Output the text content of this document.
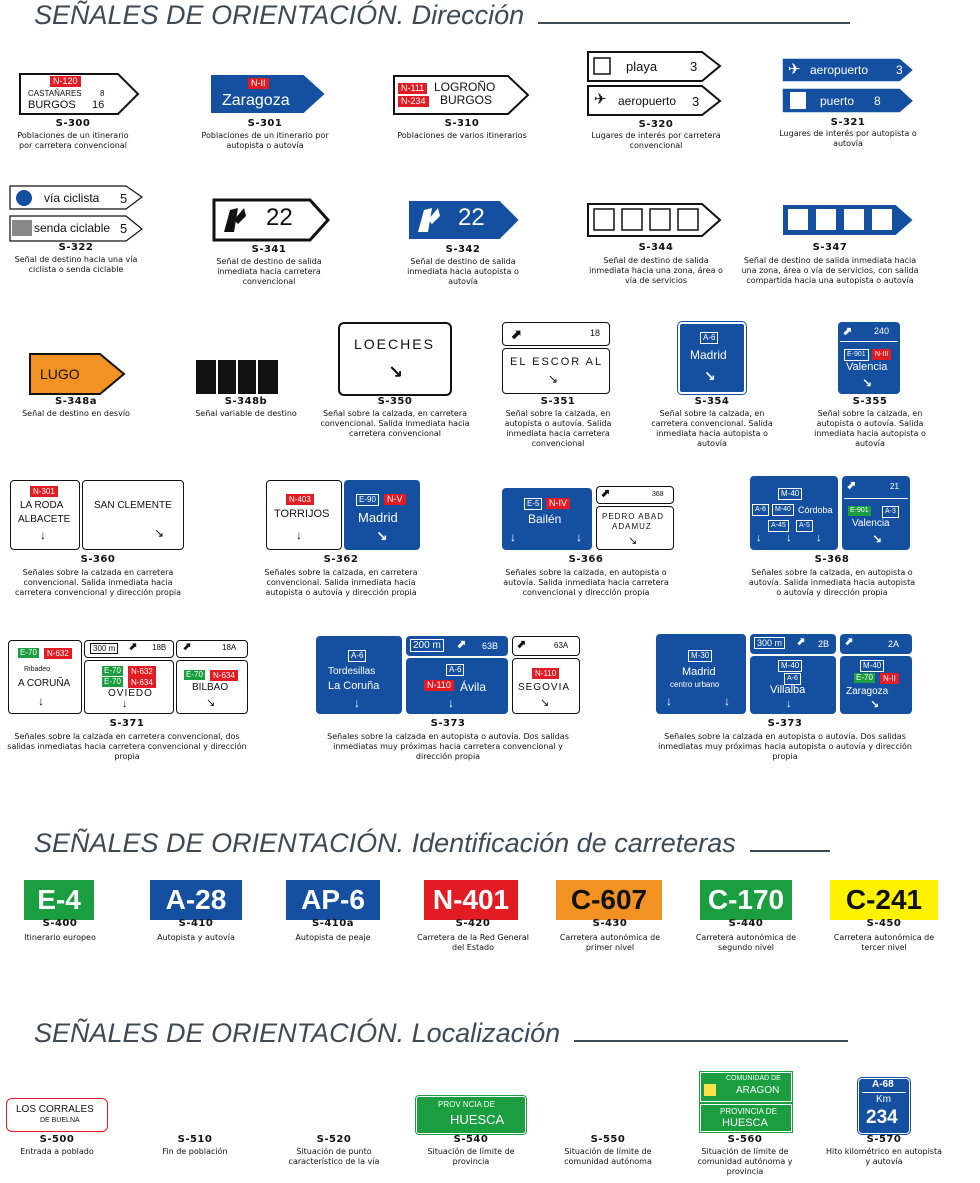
SEÑALES DE ORIENTACIÓN. Dirección
SEÑALES DE ORIENTACIÓN. Identificación de carreteras
SEÑALES DE ORIENTACIÓN. Localización
N-120
CASTAÑARES 8
BURGOS 16
S-300
Poblaciones de un itinerario por carretera convencional
N-II
Zaragoza
S-301
Poblaciones de un itinerario por autopista o autovía
N-111
N-234
LOGROÑO
BURGOS
S-310
Poblaciones de varios itinerarios
playa	3
✈ aeropuerto 3
S-320
Lugares de interés por carretera convencional
✈ aeropuerto 3
puerto 8
S-321
Lugares de interés por autopista o autovía
vía ciclista 5
senda ciclable 5
S-322
Señal de destino hacia una vía ciclista o senda ciclable
22
S-341
Señal de destino de salida inmediata hacia carretera convencional
22
S-342
Señal de destino de salida inmediata hacia autopista o autovía
S-344
Señal de destino de salida inmediata hacia una zona, área o vía de servicios
S-347
Señal de destino de salida inmediata hacia una zona, área o vía de servicios, con salida compartida hacia una autopista o autovía
LUGO
S-348a
Señal de destino en desvío
S-348b
Señal variable de destino
LOECHES
↘
S-350
Señal sobre la calzada, en carretera convencional. Salida inmediata hacia carretera convencional
⬈	18
EL ESCOR AL
↘
S-351
Señal sobre la calzada, en autopista o autovía. Salida inmediata hacia carretera convencional
A-6
Madrid
↘
S-354
Señal sobre la calzada, en carretera convencional. Salida inmediata hacia autopista o autovía
⬈ 240
E-901	N-III
Valencia
↘
S-355
Señal sobre la calzada, en autopista o autovía. Salida inmediata hacia autopista o autovía
N-301
LA RODA
ALBACETE
↓
SAN CLEMENTE
↘
S-360
Señales sobre la calzada en carretera convencional. Salida inmediata hacia carretera convencional y dirección propia
N-403
TORRIJOS
↓
E-90	N-V
Madrid
↘
S-362
Señales sobre la calzada, en carretera convencional. Salida inmediata hacia autopista o autovía y dirección propia
E-5	N-IV
Bailén
↓	↓
⬈	368
PEDRO ABAD
ADAMUZ
↘
S-366
Señales sobre la calzada, en autopista o autovía. Salida inmediata hacia carretera convencional y dirección propia
M-40
A-6	M-40 Córdoba
A-45	A-5
↓ ↓ ↓
⬈	21
E-901	A-3
Valencia
↘
S-368
Señales sobre la calzada, en autopista o autovía. Salida inmediata hacia autopista o autovía y dirección propia
E-70	N-632
Ribadeo
A CORUÑA
↓
300 m ⬈ 18B
E-70	N-632
E-70	N-634
OVIEDO
↓
⬈	18A
E-70	N-634
BILBAO
↘
S-371
Señales sobre la calzada en carretera convencional, dos salidas inmediatas hacia carretera convencional y dirección propia
A-6
Tordesillas
La Coruña
↓
200 m ⬈ 63B
A-6
N-110 Ávila
↓
⬈	63A
N-110
SEGOVIA
↘
S-373
Señales sobre la calzada en autopista o autovía. Dos salidas inmediatas muy próximas hacia carretera convencional y dirección propia
M-30
Madrid
centro urbano
↓	↓
300 m ⬈ 2B
M-40
A-6
Villalba
↓
⬈	2A
M-40
E-70	N-II
Zaragoza
↘
S-373
Señales sobre la calzada en autopista o autovía. Dos salidas inmediatas muy próximas hacia autopista o autovía y dirección propia
E-4
S-400
Itinerario europeo
A-28
S-410
Autopista y autovía
AP-6
S-410a
Autopista de peaje
N-401
S-420
Carretera de la Red General del Estado
C-607
S-430
Carretera autonómica de primer nivel
C-170
S-440
Carretera autonómica de segundo nivel
C-241
S-450
Carretera autonómica de tercer nivel
LOS CORRALES
DE BUELNA
S-500
Entrada a poblado
S-510
Fin de población
S-520
Situación de punto característico de la vía
PROV NCIA DE
HUESCA
S-540
Situación de límite de provincia
S-550
Situación de límite de comunidad autónoma
COMUNIDAD DE
ARAGON
PROVINCIA DE
HUESCA
S-560
Situación de límite de comunidad autónoma y provincia
A-68
Km
234
S-570
Hito kilométrico en autopista y autovía
